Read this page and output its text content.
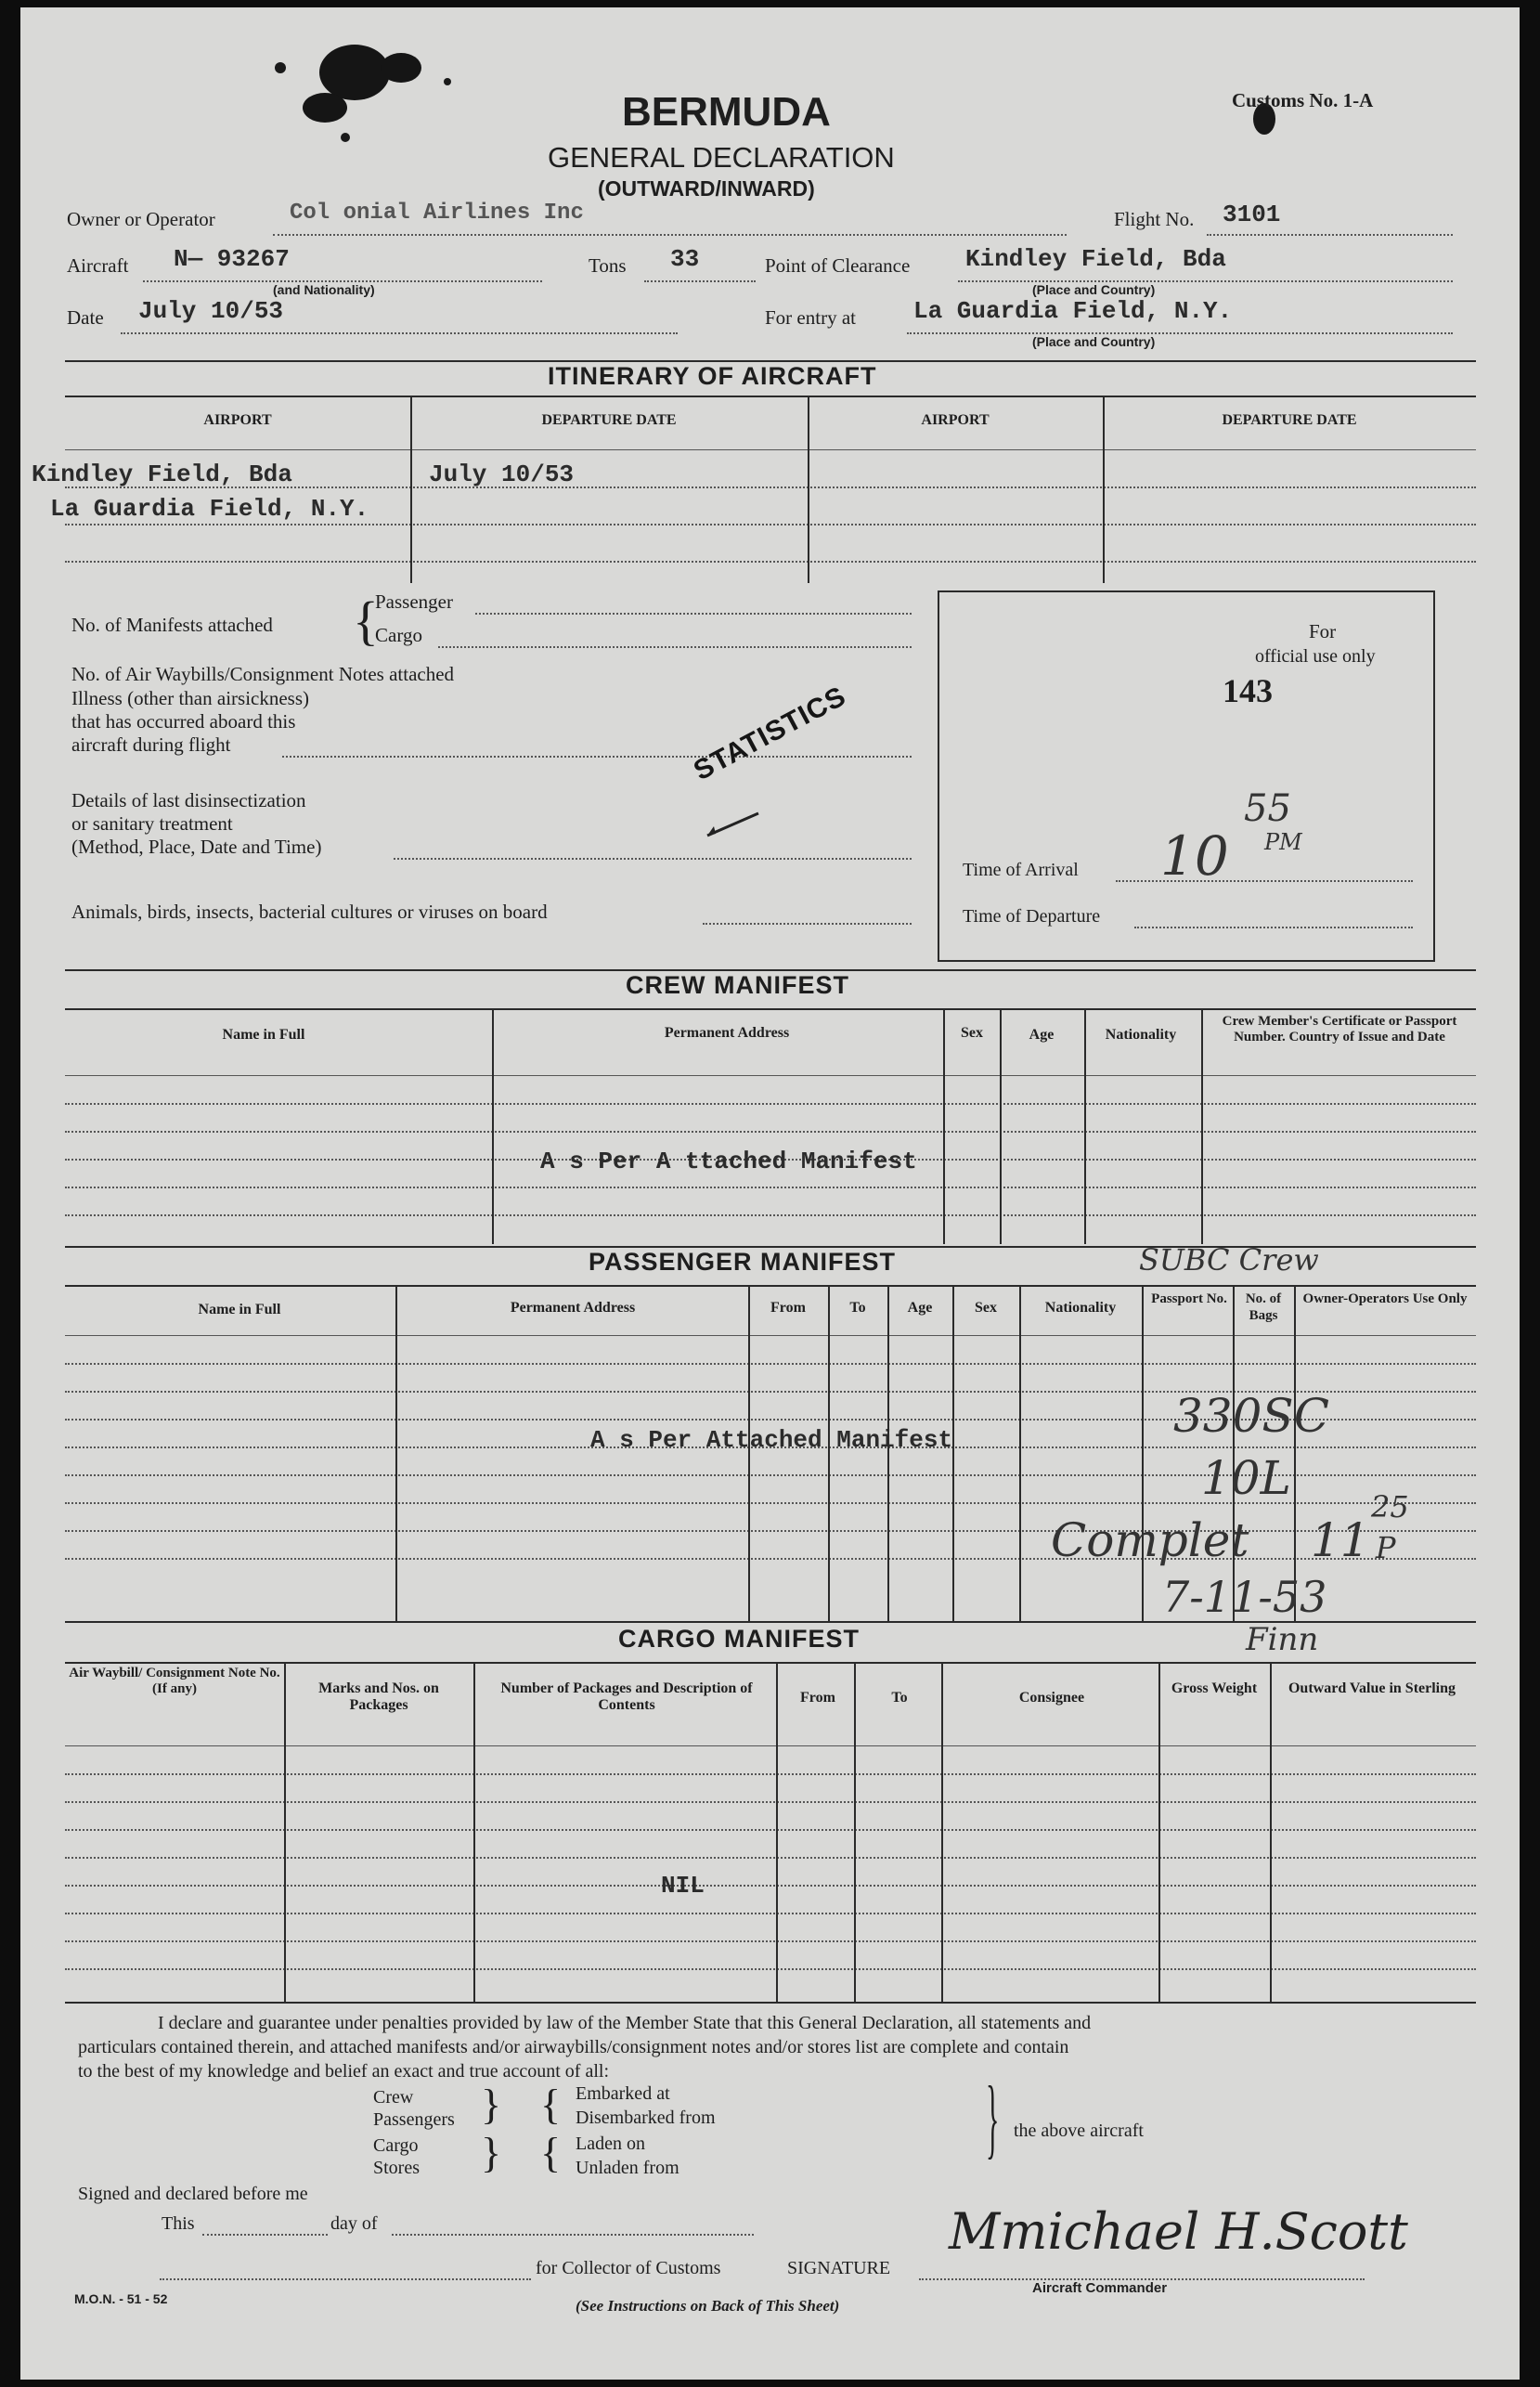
BERMUDA
GENERAL DECLARATION
(OUTWARD/INWARD)
Customs No. 1-A
Owner or Operator	Col onial Airlines Inc	Flight No. 3101
Aircraft N— 93267
(and Nationality)
Tons 33	Point of Clearance Kindley Field, Bda
(Place and Country)
Date July 10/53	For entry at La Guardia Field, N.Y.
(Place and Country)
ITINERARY OF AIRCRAFT
AIRPORT	DEPARTURE DATE	AIRPORT	DEPARTURE DATE
Kindley Field, Bda	July 10/53
La Guardia Field, N.Y.
No. of Manifests attached {
Passenger
Cargo
No. of Air Waybills/Consignment Notes attached
Illness (other than airsickness)
that has occurred aboard this
aircraft during flight
Details of last disinsectization
or sanitary treatment
(Method, Place, Date and Time)
Animals, birds, insects, bacterial cultures or viruses on board
STATISTICS
For
official use only
143
Time of Arrival 10
55
PM
Time of Departure
CREW MANIFEST
Name in Full	Permanent Address	Sex	Age	Nationality
Crew Member's Certificate or Passport Number. Country of Issue and Date
A s Per A ttached Manifest
PASSENGER MANIFEST	SUBC Crew
Name in Full	Permanent Address	From	To	Age	Sex	Nationality
Passport No.	No. of Bags
Owner-Operators Use Only
A s Per Attached Manifest	330SC
10L
Complet 11
25
P
7-11-53
Finn
CARGO MANIFEST
Air Waybill/ Consignment Note No. (If any)	Marks and Nos. on Packages
Number of Packages and Description of Contents	From	To	Consignee
Gross Weight	Outward Value in Sterling
NIL
I declare and guarantee under penalties provided by law of the Member State that this General Declaration, all statements and
particulars contained therein, and attached manifests and/or airwaybills/consignment notes and/or stores list are complete and contain
to the best of my knowledge and belief an exact and true account of all:
Crew
Passengers
Cargo
Stores
}
}
{
{
Embarked at
Disembarked from
Laden on
Unladen from	} the above aircraft
Signed and declared before me
This	day of
for Collector of Customs	SIGNATURE
Mmichael H.Scott
Aircraft Commander
(See Instructions on Back of This Sheet)
M.O.N. - 51 - 52
